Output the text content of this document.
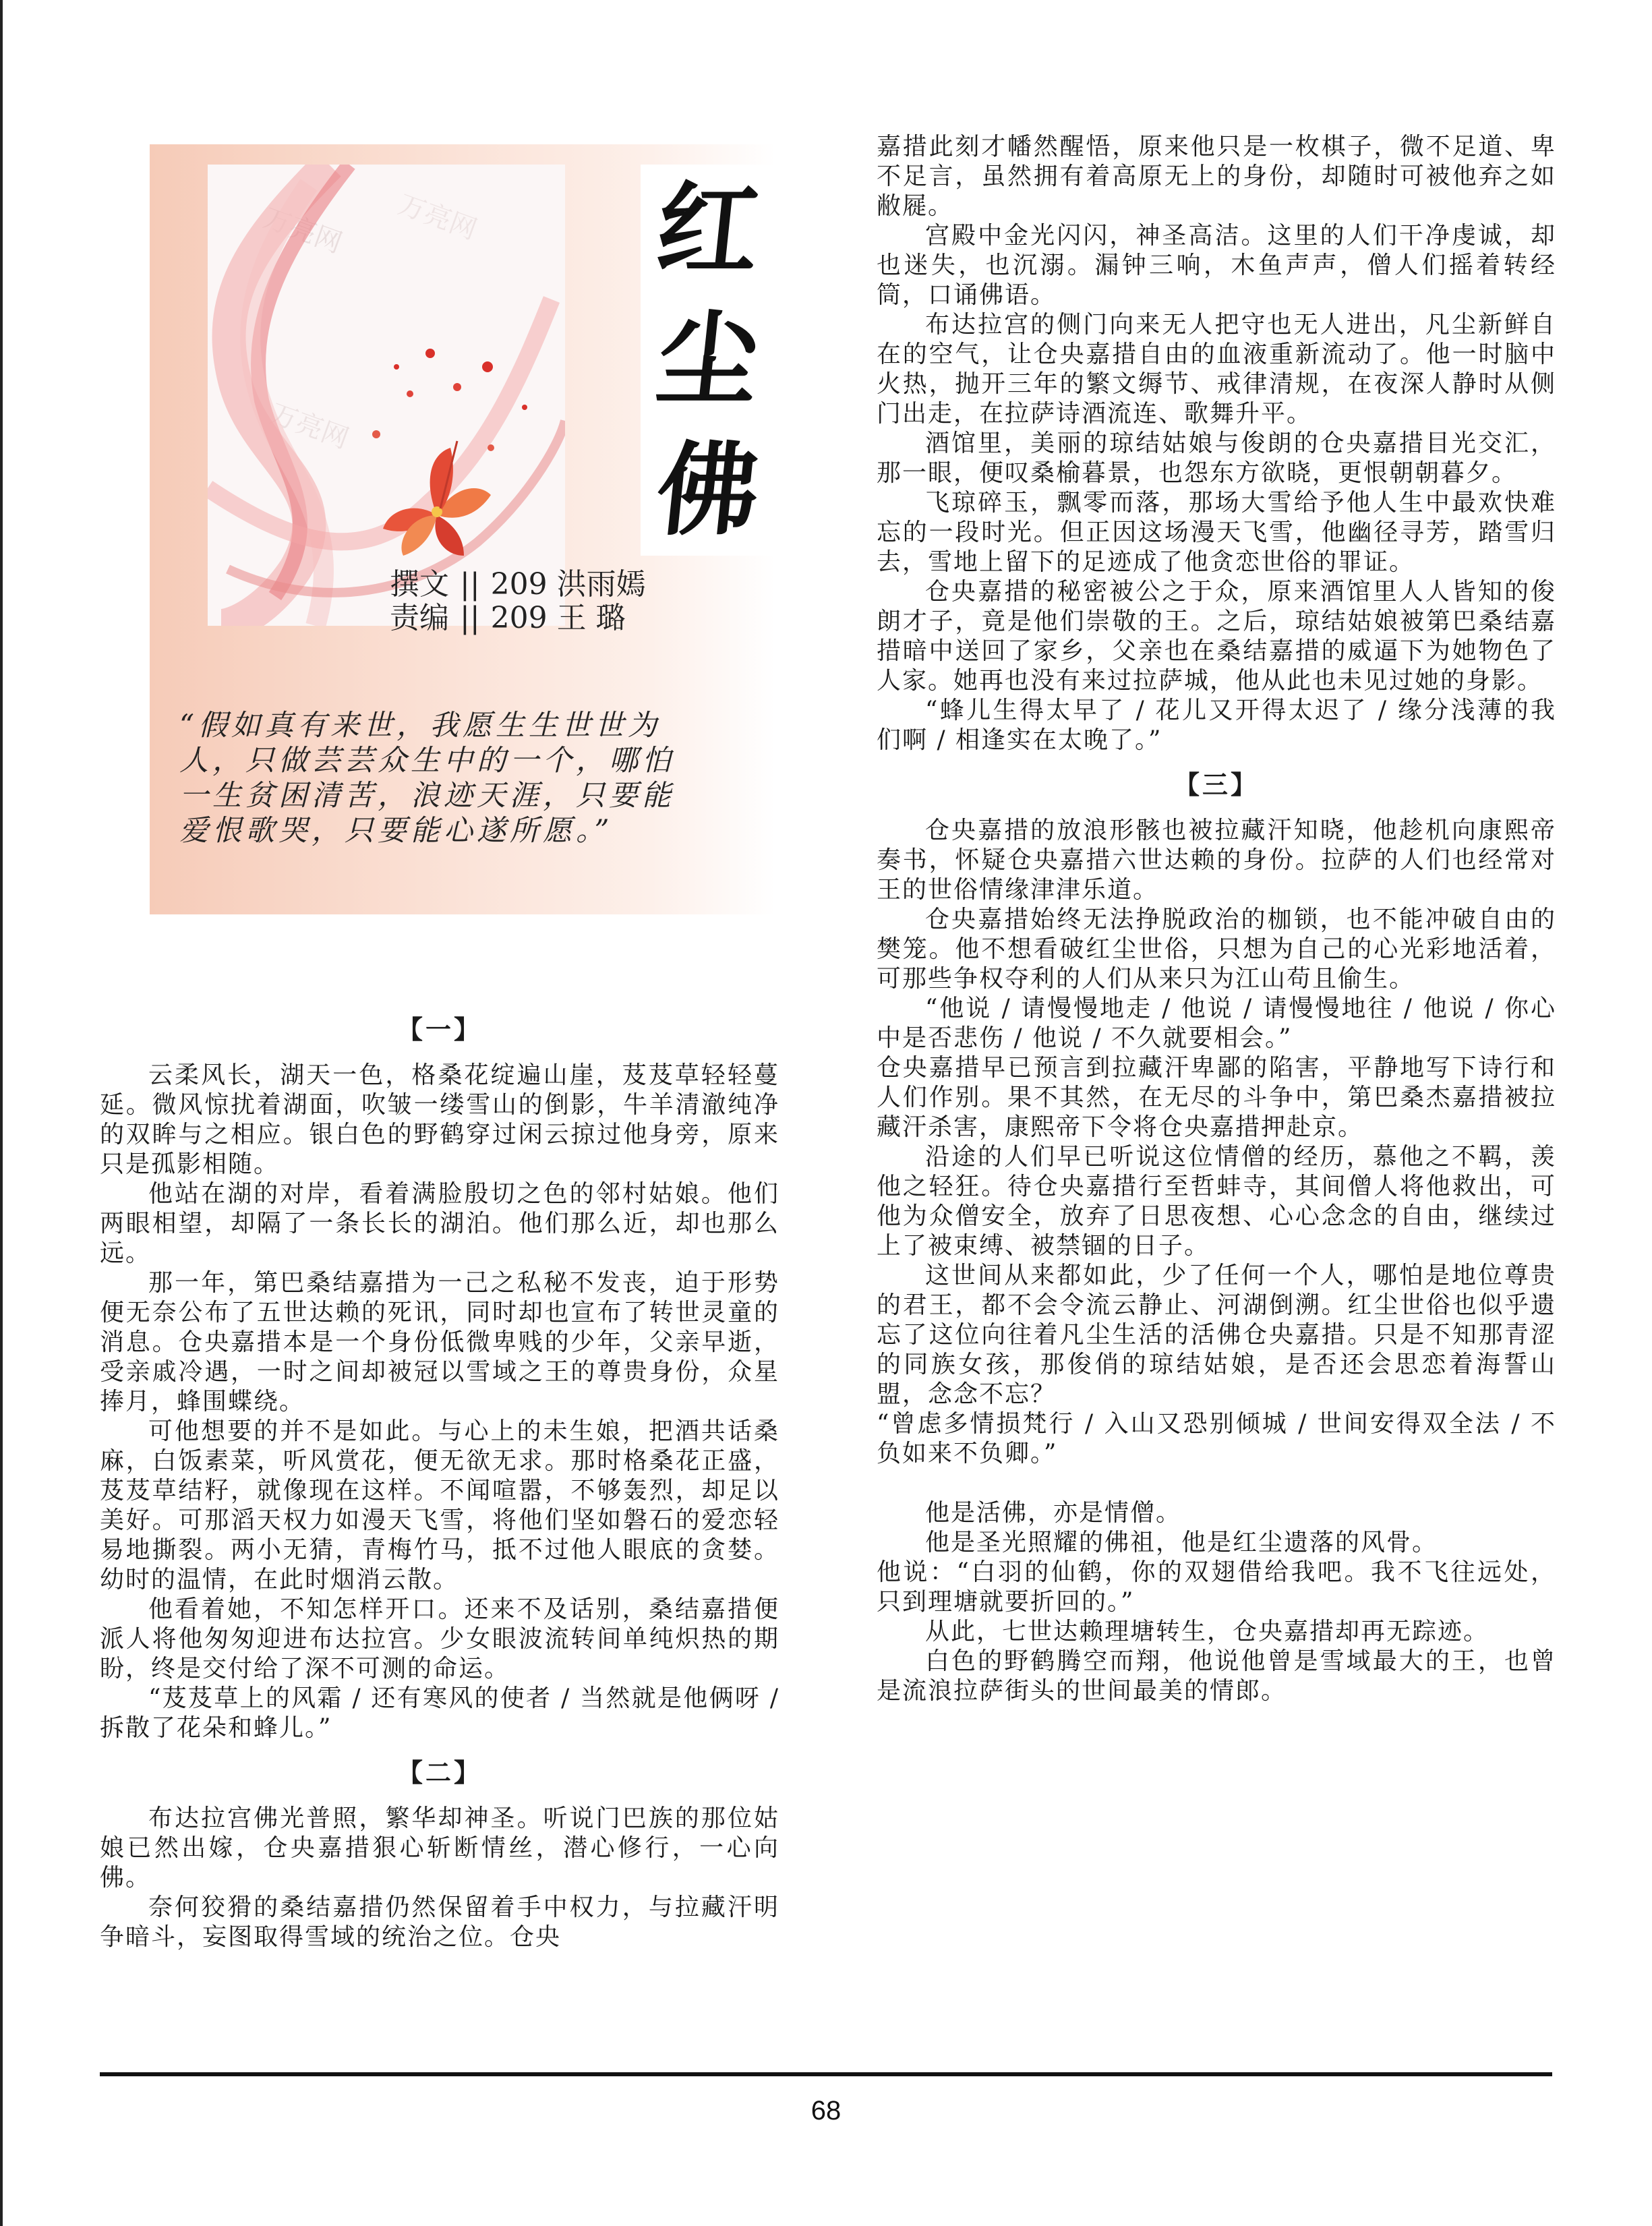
万亮网 万亮网
万亮网
红
尘
佛
撰文 || 209 洪雨嫣
责编 || 209 王 璐
“假如真有来世，我愿生生世世为人，只做芸芸众生中的一个，哪怕一生贫困清苦，浪迹天涯，只要能爱恨歌哭，只要能心遂所愿。”
【一】

云柔风长，湖天一色，格桑花绽遍山崖，芨芨草轻轻蔓延。微风惊扰着湖面，吹皱一缕雪山的倒影，牛羊清澈纯净的双眸与之相应。银白色的野鹤穿过闲云掠过他身旁，原来只是孤影相随。

他站在湖的对岸，看着满脸殷切之色的邻村姑娘。他们两眼相望，却隔了一条长长的湖泊。他们那么近，却也那么远。

那一年，第巴桑结嘉措为一己之私秘不发丧，迫于形势便无奈公布了五世达赖的死讯，同时却也宣布了转世灵童的消息。仓央嘉措本是一个身份低微卑贱的少年，父亲早逝，受亲戚冷遇，一时之间却被冠以雪域之王的尊贵身份，众星捧月，蜂围蝶绕。

可他想要的并不是如此。与心上的未生娘，把酒共话桑麻，白饭素菜，听风赏花，便无欲无求。那时格桑花正盛，芨芨草结籽，就像现在这样。不闻喧嚣，不够轰烈，却足以美好。可那滔天权力如漫天飞雪，将他们坚如磐石的爱恋轻易地撕裂。两小无猜，青梅竹马，抵不过他人眼底的贪婪。幼时的温情，在此时烟消云散。

他看着她，不知怎样开口。还来不及话别，桑结嘉措便派人将他匆匆迎进布达拉宫。少女眼波流转间单纯炽热的期盼，终是交付给了深不可测的命运。

“芨芨草上的风霜 / 还有寒风的使者 / 当然就是他俩呀 / 拆散了花朵和蜂儿。”

【二】

布达拉宫佛光普照，繁华却神圣。听说门巴族的那位姑娘已然出嫁，仓央嘉措狠心斩断情丝，潜心修行，一心向佛。

奈何狡猾的桑结嘉措仍然保留着手中权力，与拉藏汗明争暗斗，妄图取得雪域的统治之位。仓央

嘉措此刻才幡然醒悟，原来他只是一枚棋子，微不足道、卑不足言，虽然拥有着高原无上的身份，却随时可被他弃之如敝屣。

宫殿中金光闪闪，神圣高洁。这里的人们干净虔诚，却也迷失，也沉溺。漏钟三响，木鱼声声，僧人们摇着转经筒，口诵佛语。

布达拉宫的侧门向来无人把守也无人进出，凡尘新鲜自在的空气，让仓央嘉措自由的血液重新流动了。他一时脑中火热，抛开三年的繁文缛节、戒律清规，在夜深人静时从侧门出走，在拉萨诗酒流连、歌舞升平。

酒馆里，美丽的琼结姑娘与俊朗的仓央嘉措目光交汇，那一眼，便叹桑榆暮景，也怨东方欲晓，更恨朝朝暮夕。

飞琼碎玉，飘零而落，那场大雪给予他人生中最欢快难忘的一段时光。但正因这场漫天飞雪，他幽径寻芳，踏雪归去，雪地上留下的足迹成了他贪恋世俗的罪证。

仓央嘉措的秘密被公之于众，原来酒馆里人人皆知的俊朗才子，竟是他们崇敬的王。之后，琼结姑娘被第巴桑结嘉措暗中送回了家乡，父亲也在桑结嘉措的威逼下为她物色了人家。她再也没有来过拉萨城，他从此也未见过她的身影。

“蜂儿生得太早了 / 花儿又开得太迟了 / 缘分浅薄的我们啊 / 相逢实在太晚了。”

【三】

仓央嘉措的放浪形骸也被拉藏汗知晓，他趁机向康熙帝奏书，怀疑仓央嘉措六世达赖的身份。拉萨的人们也经常对王的世俗情缘津津乐道。

仓央嘉措始终无法挣脱政治的枷锁，也不能冲破自由的樊笼。他不想看破红尘世俗，只想为自己的心光彩地活着，可那些争权夺利的人们从来只为江山苟且偷生。

“他说 / 请慢慢地走 / 他说 / 请慢慢地往 / 他说 / 你心中是否悲伤 / 他说 / 不久就要相会。”

仓央嘉措早已预言到拉藏汗卑鄙的陷害，平静地写下诗行和人们作别。果不其然，在无尽的斗争中，第巴桑杰嘉措被拉藏汗杀害，康熙帝下令将仓央嘉措押赴京。

沿途的人们早已听说这位情僧的经历，慕他之不羁，羡他之轻狂。待仓央嘉措行至哲蚌寺，其间僧人将他救出，可他为众僧安全，放弃了日思夜想、心心念念的自由，继续过上了被束缚、被禁锢的日子。

这世间从来都如此，少了任何一个人，哪怕是地位尊贵的君王，都不会令流云静止、河湖倒溯。红尘世俗也似乎遗忘了这位向往着凡尘生活的活佛仓央嘉措。只是不知那青涩的同族女孩，那俊俏的琼结姑娘，是否还会思恋着海誓山盟，念念不忘？

“曾虑多情损梵行 / 入山又恐别倾城 / 世间安得双全法 / 不负如来不负卿。”

他是活佛，亦是情僧。

他是圣光照耀的佛祖，他是红尘遗落的风骨。

他说：“白羽的仙鹤，你的双翅借给我吧。我不飞往远处，只到理塘就要折回的。”

从此，七世达赖理塘转生，仓央嘉措却再无踪迹。

白色的野鹤腾空而翔，他说他曾是雪域最大的王，也曾是流浪拉萨街头的世间最美的情郎。

68
